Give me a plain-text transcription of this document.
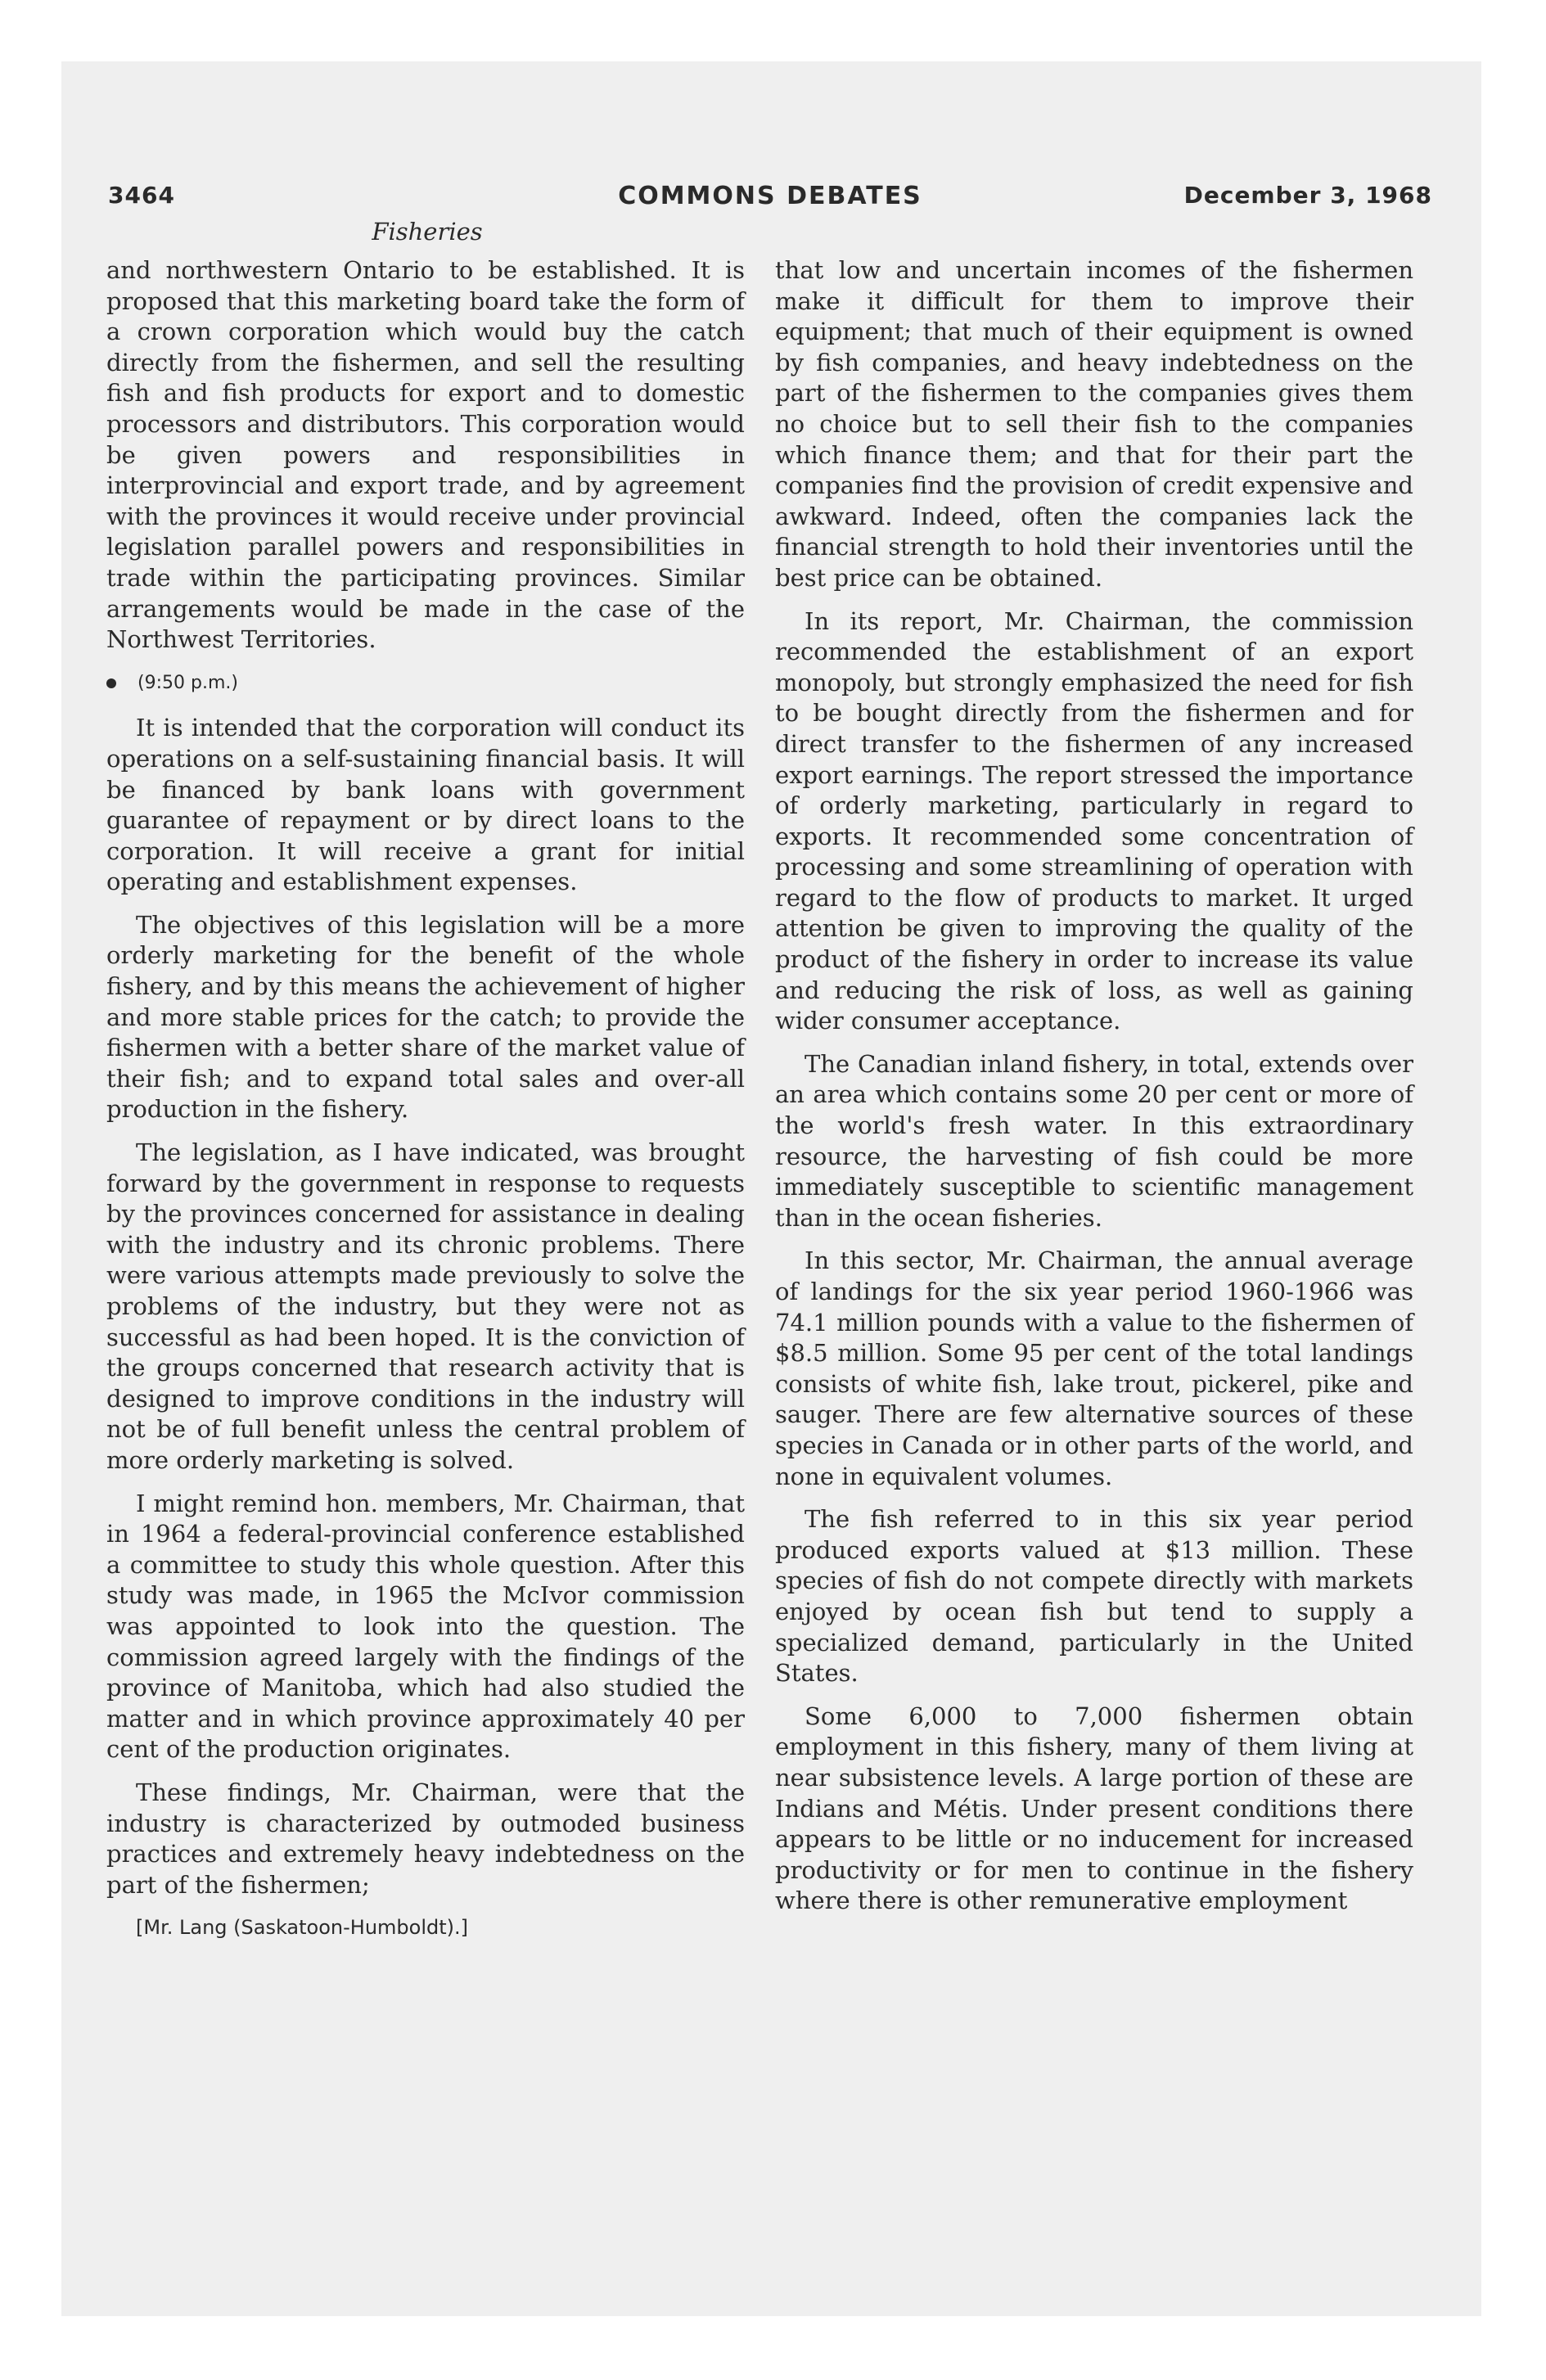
3464	COMMONS DEBATES	December 3, 1968
Fisheries

and northwestern Ontario to be established. It is proposed that this marketing board take the form of a crown corporation which would buy the catch directly from the fishermen, and sell the resulting fish and fish products for export and to domestic processors and distributors. This corporation would be given powers and responsibilities in interprovincial and export trade, and by agreement with the provinces it would receive under provincial legislation parallel powers and responsibilities in trade within the participating provinces. Similar arrangements would be made in the case of the Northwest Territories.

(9:50 p.m.)

It is intended that the corporation will conduct its operations on a self-sustaining financial basis. It will be financed by bank loans with government guarantee of repayment or by direct loans to the corporation. It will receive a grant for initial operating and establishment expenses.

The objectives of this legislation will be a more orderly marketing for the benefit of the whole fishery, and by this means the achievement of higher and more stable prices for the catch; to provide the fishermen with a better share of the market value of their fish; and to expand total sales and over-all production in the fishery.

The legislation, as I have indicated, was brought forward by the government in response to requests by the provinces concerned for assistance in dealing with the industry and its chronic problems. There were various attempts made previously to solve the problems of the industry, but they were not as successful as had been hoped. It is the conviction of the groups concerned that research activity that is designed to improve conditions in the industry will not be of full benefit unless the central problem of more orderly marketing is solved.

I might remind hon. members, Mr. Chairman, that in 1964 a federal-provincial conference established a committee to study this whole question. After this study was made, in 1965 the McIvor commission was appointed to look into the question. The commission agreed largely with the findings of the province of Manitoba, which had also studied the matter and in which province approximately 40 per cent of the production originates.

These findings, Mr. Chairman, were that the industry is characterized by outmoded business practices and extremely heavy indebtedness on the part of the fishermen;

[Mr. Lang (Saskatoon-Humboldt).]

that low and uncertain incomes of the fishermen make it difficult for them to improve their equipment; that much of their equipment is owned by fish companies, and heavy indebtedness on the part of the fishermen to the companies gives them no choice but to sell their fish to the companies which finance them; and that for their part the companies find the provision of credit expensive and awkward. Indeed, often the companies lack the financial strength to hold their inventories until the best price can be obtained.

In its report, Mr. Chairman, the commission recommended the establishment of an export monopoly, but strongly emphasized the need for fish to be bought directly from the fishermen and for direct transfer to the fishermen of any increased export earnings. The report stressed the importance of orderly marketing, particularly in regard to exports. It recommended some concentration of processing and some streamlining of operation with regard to the flow of products to market. It urged attention be given to improving the quality of the product of the fishery in order to increase its value and reducing the risk of loss, as well as gaining wider consumer acceptance.

The Canadian inland fishery, in total, extends over an area which contains some 20 per cent or more of the world's fresh water. In this extraordinary resource, the harvesting of fish could be more immediately susceptible to scientific management than in the ocean fisheries.

In this sector, Mr. Chairman, the annual average of landings for the six year period 1960-1966 was 74.1 million pounds with a value to the fishermen of $8.5 million. Some 95 per cent of the total landings consists of white fish, lake trout, pickerel, pike and sauger. There are few alternative sources of these species in Canada or in other parts of the world, and none in equivalent volumes.

The fish referred to in this six year period produced exports valued at $13 million. These species of fish do not compete directly with markets enjoyed by ocean fish but tend to supply a specialized demand, particularly in the United States.

Some 6,000 to 7,000 fishermen obtain employment in this fishery, many of them living at near subsistence levels. A large portion of these are Indians and Métis. Under present conditions there appears to be little or no inducement for increased productivity or for men to continue in the fishery where there is other remunerative employment
